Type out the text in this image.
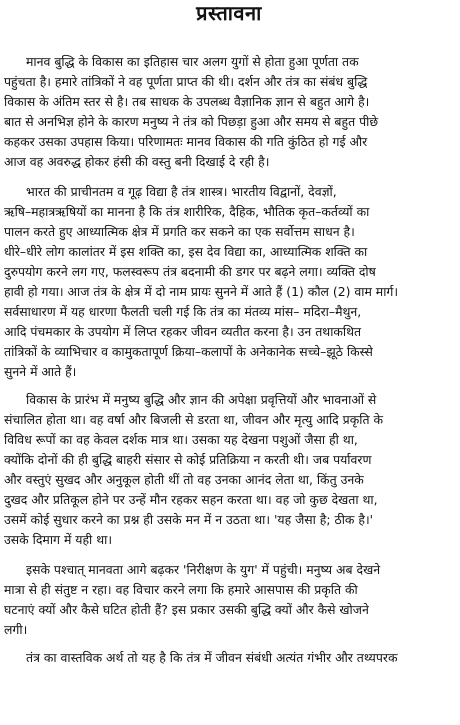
प्रस्तावना
मानव बुद्धि के विकास का इतिहास चार अलग युगों से होता हुआ पूर्णता तक
पहुंचता है। हमारे तांत्रिकों ने वह पूर्णता प्राप्त की थी। दर्शन और तंत्र का संबंध बुद्धि
विकास के अंतिम स्तर से है। तब साधक के उपलब्ध वैज्ञानिक ज्ञान से बहुत आगे है।
बात से अनभिज्ञ होने के कारण मनुष्य ने तंत्र को पिछड़ा हुआ और समय से बहुत पीछे
कहकर उसका उपहास किया। परिणामतः मानव विकास की गति कुंठित हो गई और
आज वह अवरुद्ध होकर हंसी की वस्तु बनी दिखाई दे रही है।
भारत की प्राचीनतम व गूढ़ विद्या है तंत्र शास्त्र। भारतीय विद्वानों, देवज्ञों,
ऋषि–महात्रऋषियों का मानना है कि तंत्र शारीरिक, दैहिक, भौतिक कृत–कर्तव्यों का
पालन करते हुए आध्यात्मिक क्षेत्र में प्रगति कर सकने का एक सर्वोत्तम साधन है।
धीरे–धीरे लोग कालांतर में इस शक्ति का, इस देव विद्या का, आध्यात्मिक शक्ति का
दुरुपयोग करने लग गए, फलस्वरूप तंत्र बदनामी की डगर पर बढ़ने लगा। व्यक्ति दोष
हावी हो गया। आज तंत्र के क्षेत्र में दो नाम प्रायः सुनने में आते हैं (1) कौल (2) वाम मार्ग।
सर्वसाधारण में यह धारणा फैलती चली गई कि तंत्र का मंतव्य मांस– मदिरा–मैथुन,
आदि पंचमकार के उपयोग में लिप्त रहकर जीवन व्यतीत करना है। उन तथाकथित
तांत्रिकों के व्याभिचार व कामुकतापूर्ण क्रिया–कलापों के अनेकानेक सच्चे–झूठे किस्से
सुनने में आते हैं।
विकास के प्रारंभ में मनुष्य बुद्धि और ज्ञान की अपेक्षा प्रवृत्तियों और भावनाओं से
संचालित होता था। वह वर्षा और बिजली से डरता था, जीवन और मृत्यु आदि प्रकृति के
विविध रूपों का वह केवल दर्शक मात्र था। उसका यह देखना पशुओं जैसा ही था,
क्योंकि दोनों की ही बुद्धि बाहरी संसार से कोई प्रतिक्रिया न करती थी। जब पर्यावरण
और वस्तुएं सुखद और अनुकूल होती थीं तो वह उनका आनंद लेता था, किंतु उनके
दुखद और प्रतिकूल होने पर उन्हें मौन रहकर सहन करता था। वह जो कुछ देखता था,
उसमें कोई सुधार करने का प्रश्न ही उसके मन में न उठता था। 'यह जैसा है; ठीक है।'
उसके दिमाग में यही था।
इसके पश्चात् मानवता आगे बढ़कर 'निरीक्षण के युग' में पहुंची। मनुष्य अब देखने
मात्रा से ही संतुष्ट न रहा। वह विचार करने लगा कि हमारे आसपास की प्रकृति की
घटनाएं क्यों और कैसे घटित होती हैं? इस प्रकार उसकी बुद्धि क्यों और कैसे खोजने
लगी।
तंत्र का वास्तविक अर्थ तो यह है कि तंत्र में जीवन संबंधी अत्यंत गंभीर और तथ्यपरक
